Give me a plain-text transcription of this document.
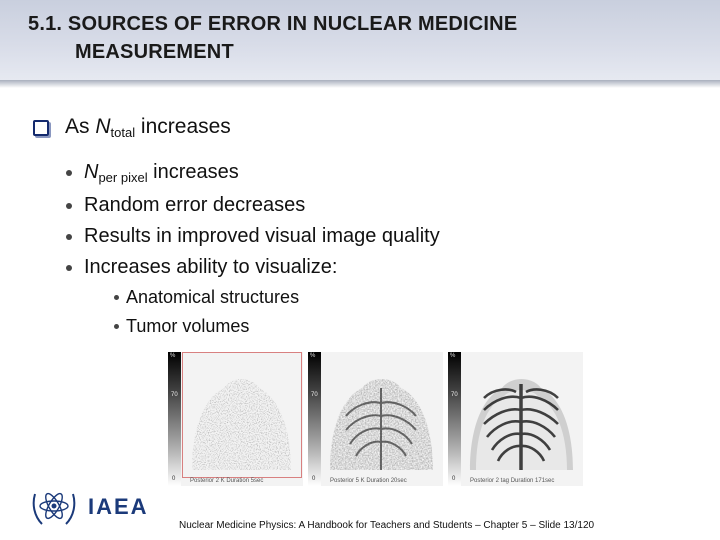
5.1. SOURCES OF ERROR IN NUCLEAR MEDICINE
MEASUREMENT
As $N_{total}$ increases
$N_{per pixel}$ increases
Random error decreases
Results in improved visual image quality
Increases ability to visualize:
Anatomical structures
Tumor volumes
%
70
0 Posterior 2 K Duration 5sec
%
70
0 Posterior 5 K Duration 20sec
%
70
0 Posterior 2 tag Duration 171sec
IAEA
Nuclear Medicine Physics: A Handbook for Teachers and Students – Chapter 5 – Slide 13/120
